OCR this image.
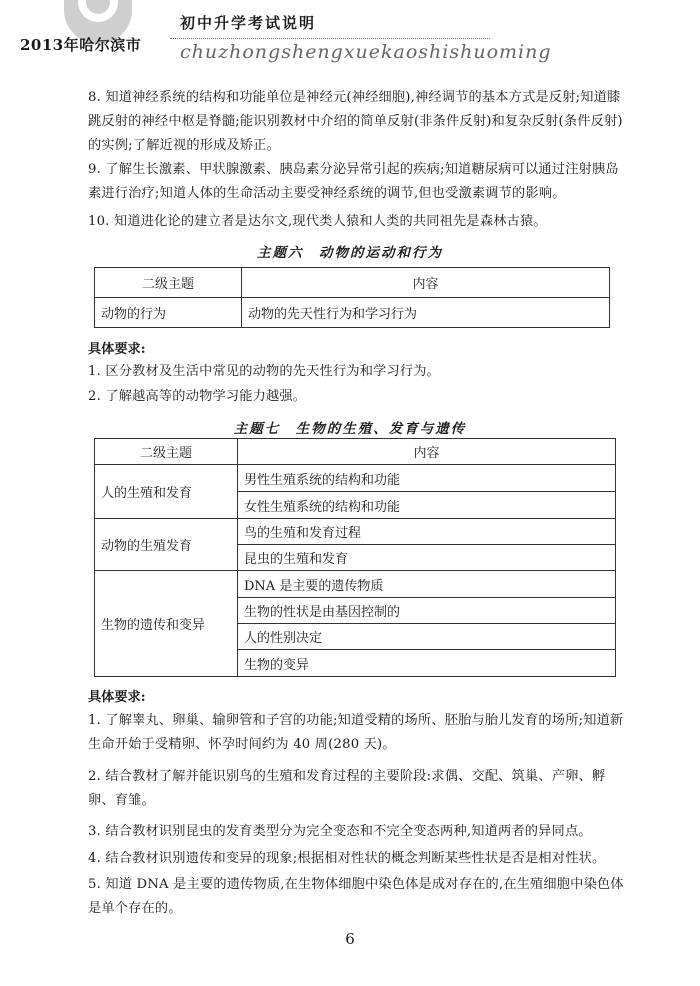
2013年哈尔滨市
初中升学考试说明
chuzhongshengxuekaoshishuoming
8. 知道神经系统的结构和功能单位是神经元(神经细胞),神经调节的基本方式是反射;知道膝跳反射的神经中枢是脊髓;能识别教材中介绍的简单反射(非条件反射)和复杂反射(条件反射)的实例;了解近视的形成及矫正。
9. 了解生长激素、甲状腺激素、胰岛素分泌异常引起的疾病;知道糖尿病可以通过注射胰岛素进行治疗;知道人体的生命活动主要受神经系统的调节,但也受激素调节的影响。
10. 知道进化论的建立者是达尔文,现代类人猿和人类的共同祖先是森林古猿。
主题六　动物的运动和行为
二级主题	内容
动物的行为	动物的先天性行为和学习行为
具体要求:
1. 区分教材及生活中常见的动物的先天性行为和学习行为。
2. 了解越高等的动物学习能力越强。
主题七　生物的生殖、发育与遗传
二级主题	内容
人的生殖和发育	男性生殖系统的结构和功能
	女性生殖系统的结构和功能
动物的生殖发育	鸟的生殖和发育过程
	昆虫的生殖和发育
生物的遗传和变异	DNA 是主要的遗传物质
	生物的性状是由基因控制的
	人的性别决定
	生物的变异
具体要求:
1. 了解睾丸、卵巢、输卵管和子宫的功能;知道受精的场所、胚胎与胎儿发育的场所;知道新生命开始于受精卵、怀孕时间约为 40 周(280 天)。
2. 结合教材了解并能识别鸟的生殖和发育过程的主要阶段:求偶、交配、筑巢、产卵、孵卵、育雏。
3. 结合教材识别昆虫的发育类型分为完全变态和不完全变态两种,知道两者的异同点。
4. 结合教材识别遗传和变异的现象;根据相对性状的概念判断某些性状是否是相对性状。
5. 知道 DNA 是主要的遗传物质,在生物体细胞中染色体是成对存在的,在生殖细胞中染色体是单个存在的。
6
